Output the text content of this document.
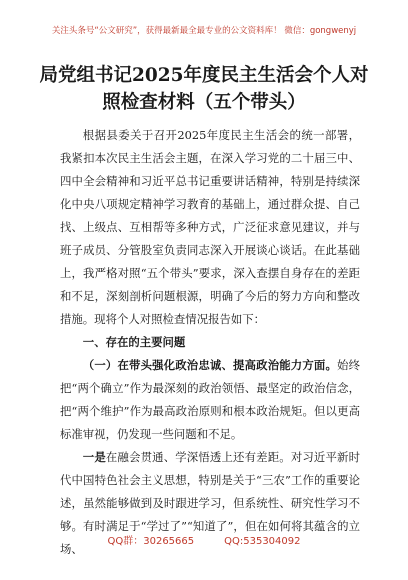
关注头条号“公文研究”，获得最新最全最专业的公文资料库！ 微信：gongwenyj
局党组书记2025年度民主生活会个人对
照检查材料（五个带头）

根据县委关于召开2025年度民主生活会的统一部署，我紧扣本次民主生活会主题，在深入学习党的二十届三中、四中全会精神和习近平总书记重要讲话精神，特别是持续深化中央八项规定精神学习教育的基础上，通过群众提、自己找、上级点、互相帮等多种方式，广泛征求意见建议，并与班子成员、分管股室负责同志深入开展谈心谈话。在此基础上，我严格对照“五个带头”要求，深入查摆自身存在的差距和不足，深刻剖析问题根源，明确了今后的努力方向和整改措施。现将个人对照检查情况报告如下：

一、存在的主要问题

（一）在带头强化政治忠诚、提高政治能力方面。始终把“两个确立”作为最深刻的政治领悟、最坚定的政治信念，把“两个维护”作为最高政治原则和根本政治规矩。但以更高标准审视，仍发现一些问题和不足。

一是在融会贯通、学深悟透上还有差距。对习近平新时代中国特色社会主义思想，特别是关于“三农”工作的重要论述，虽然能够做到及时跟进学习，但系统性、研究性学习不够。有时满足于“学过了”“知道了”，但在如何将其蕴含的立场、

QQ群：30265665	QQ:535304092
